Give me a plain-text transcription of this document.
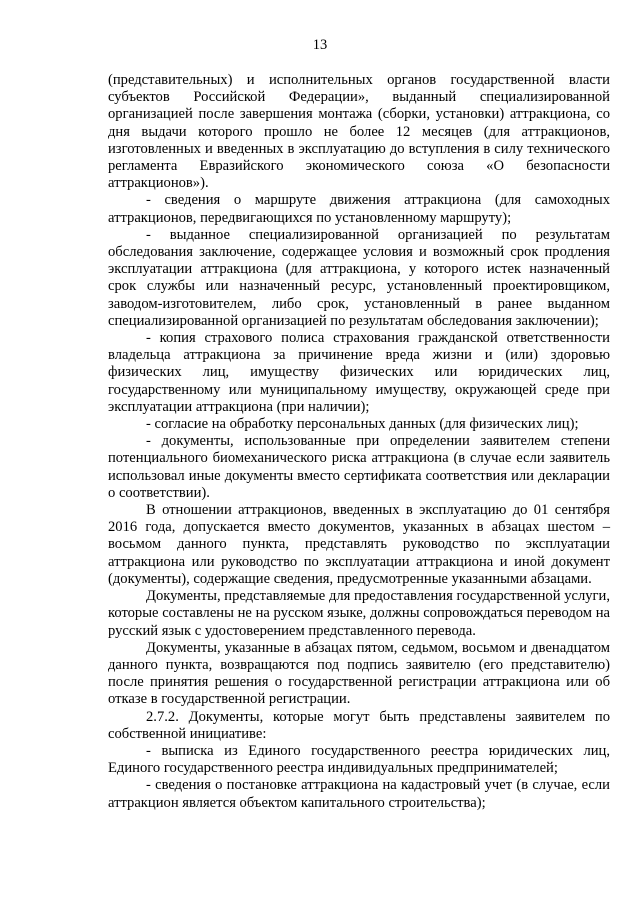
13

(представительных) и исполнительных органов государственной власти субъектов Российской Федерации», выданный специализированной организацией после завершения монтажа (сборки, установки) аттракциона, со дня выдачи которого прошло не более 12 месяцев (для аттракционов, изготовленных и введенных в эксплуатацию до вступления в силу технического регламента Евразийского экономического союза «О безопасности аттракционов»).

- сведения о маршруте движения аттракциона (для самоходных аттракционов, передвигающихся по установленному маршруту);

- выданное специализированной организацией по результатам обследования заключение, содержащее условия и возможный срок продления эксплуатации аттракциона (для аттракциона, у которого истек назначенный срок службы или назначенный ресурс, установленный проектировщиком, заводом-изготовителем, либо срок, установленный в ранее выданном специализированной организацией по результатам обследования заключении);

- копия страхового полиса страхования гражданской ответственности владельца аттракциона за причинение вреда жизни и (или) здоровью физических лиц, имуществу физических или юридических лиц, государственному или муниципальному имуществу, окружающей среде при эксплуатации аттракциона (при наличии);

- согласие на обработку персональных данных (для физических лиц);

- документы, использованные при определении заявителем степени потенциального биомеханического риска аттракциона (в случае если заявитель использовал иные документы вместо сертификата соответствия или декларации о соответствии).

В отношении аттракционов, введенных в эксплуатацию до 01 сентября 2016 года, допускается вместо документов, указанных в абзацах шестом – восьмом данного пункта, представлять руководство по эксплуатации аттракциона или руководство по эксплуатации аттракциона и иной документ (документы), содержащие сведения, предусмотренные указанными абзацами.

Документы, представляемые для предоставления государственной услуги, которые составлены не на русском языке, должны сопровождаться переводом на русский язык с удостоверением представленного перевода.

Документы, указанные в абзацах пятом, седьмом, восьмом и двенадцатом данного пункта, возвращаются под подпись заявителю (его представителю) после принятия решения о государственной регистрации аттракциона или об отказе в государственной регистрации.

2.7.2. Документы, которые могут быть представлены заявителем по собственной инициативе:

- выписка из Единого государственного реестра юридических лиц, Единого государственного реестра индивидуальных предпринимателей;

- сведения о постановке аттракциона на кадастровый учет (в случае, если аттракцион является объектом капитального строительства);
